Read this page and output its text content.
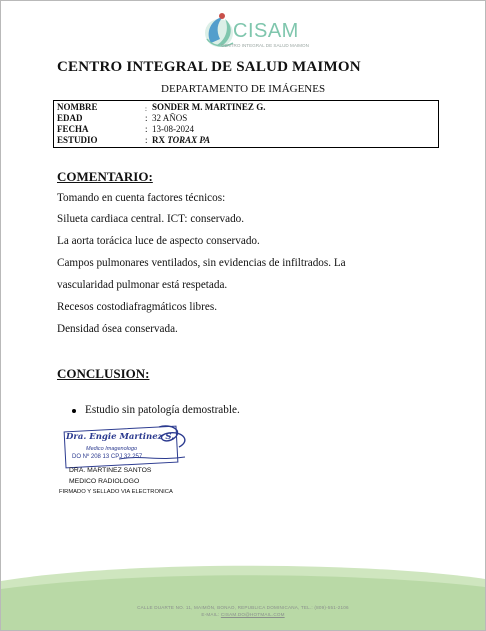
CISAM
CENTRO INTEGRAL DE SALUD MAIMON
CENTRO INTEGRAL DE SALUD MAIMON
DEPARTAMENTO DE IMÁGENES
NOMBRE	: SONDER M. MARTINEZ G.
EDAD	: 32 AÑOS
FECHA	: 13-08-2024
ESTUDIO	: RX TORAX PA
COMENTARIO:
Tomando en cuenta factores técnicos:
Silueta cardiaca central. ICT: conservado.
La aorta torácica luce de aspecto conservado.
Campos pulmonares ventilados, sin evidencias de infiltrados. La
vascularidad pulmonar está respetada.
Recesos costodiafragmáticos libres.
Densidad ósea conservada.
CONCLUSION:
Estudio sin patología demostrable.
Dra. Engie Martinez S.
Medico Imagenologo
DO Nº 208 13 CPJ 32 257
DRA. MARTINEZ SANTOS
MEDICO RADIOLOGO
FIRMADO Y SELLADO VIA ELECTRONICA
CALLE DUARTE NO. 11, MAIMÓN, BONAO, REPUBLICA DOMINICANA, TEL.: (809)-551-2106
E-MAIL: CISAM.DO@HOTMAIL.COM
